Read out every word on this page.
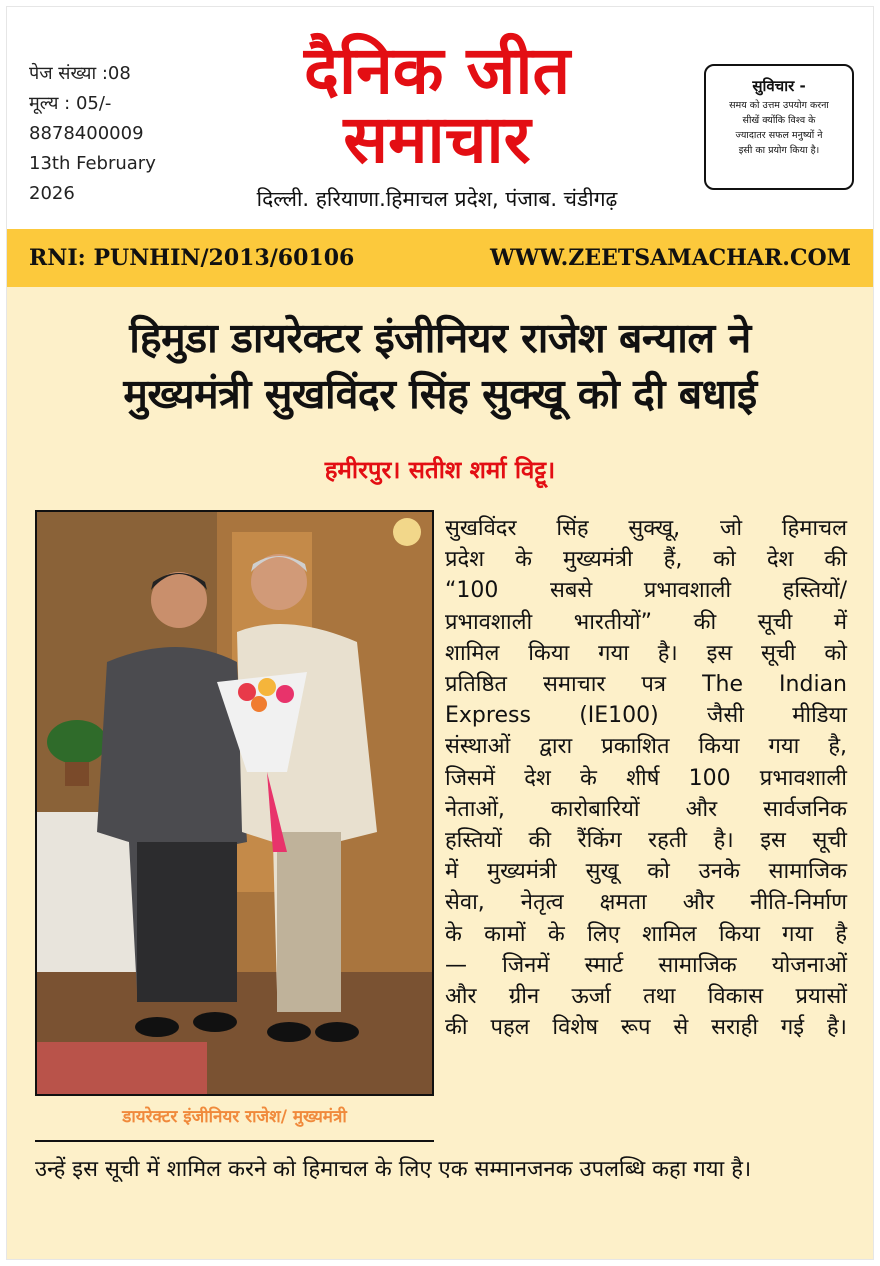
पेज संख्या :08
मूल्य : 05/-
8878400009
13th February
2026
दैनिक जीत
समाचार
दिल्ली. हरियाणा.हिमाचल प्रदेश, पंजाब. चंडीगढ़
सुविचार -
समय को उत्तम उपयोग करना
सीखें क्योंकि विश्व के
ज्यादातर सफल मनुष्यों ने
इसी का प्रयोग किया है।
RNI: PUNHIN/2013/60106	WWW.ZEETSAMACHAR.COM
हिमुडा डायरेक्टर इंजीनियर राजेश बन्याल ने
मुख्यमंत्री सुखविंदर सिंह सुक्खू को दी बधाई
हमीरपुर। सतीश शर्मा विट्टू।
डायरेक्टर इंजीनियर राजेश/ मुख्यमंत्री
सुखविंदर सिंह सुक्खू, जो हिमाचल
प्रदेश के मुख्यमंत्री हैं, को देश की
“100 सबसे प्रभावशाली हस्तियों/
प्रभावशाली भारतीयों” की सूची में
शामिल किया गया है। इस सूची को
प्रतिष्ठित समाचार पत्र The Indian
Express (IE100) जैसी मीडिया
संस्थाओं द्वारा प्रकाशित किया गया है,
जिसमें देश के शीर्ष 100 प्रभावशाली
नेताओं, कारोबारियों और सार्वजनिक
हस्तियों की रैंकिंग रहती है। इस सूची
में मुख्यमंत्री सुखू को उनके सामाजिक
सेवा, नेतृत्व क्षमता और नीति-निर्माण
के कामों के लिए शामिल किया गया है
— जिनमें स्मार्ट सामाजिक योजनाओं
और ग्रीन ऊर्जा तथा विकास प्रयासों
की पहल विशेष रूप से सराही गई है।
उन्हें इस सूची में शामिल करने को हिमाचल के लिए एक सम्मानजनक उपलब्धि कहा गया है।
